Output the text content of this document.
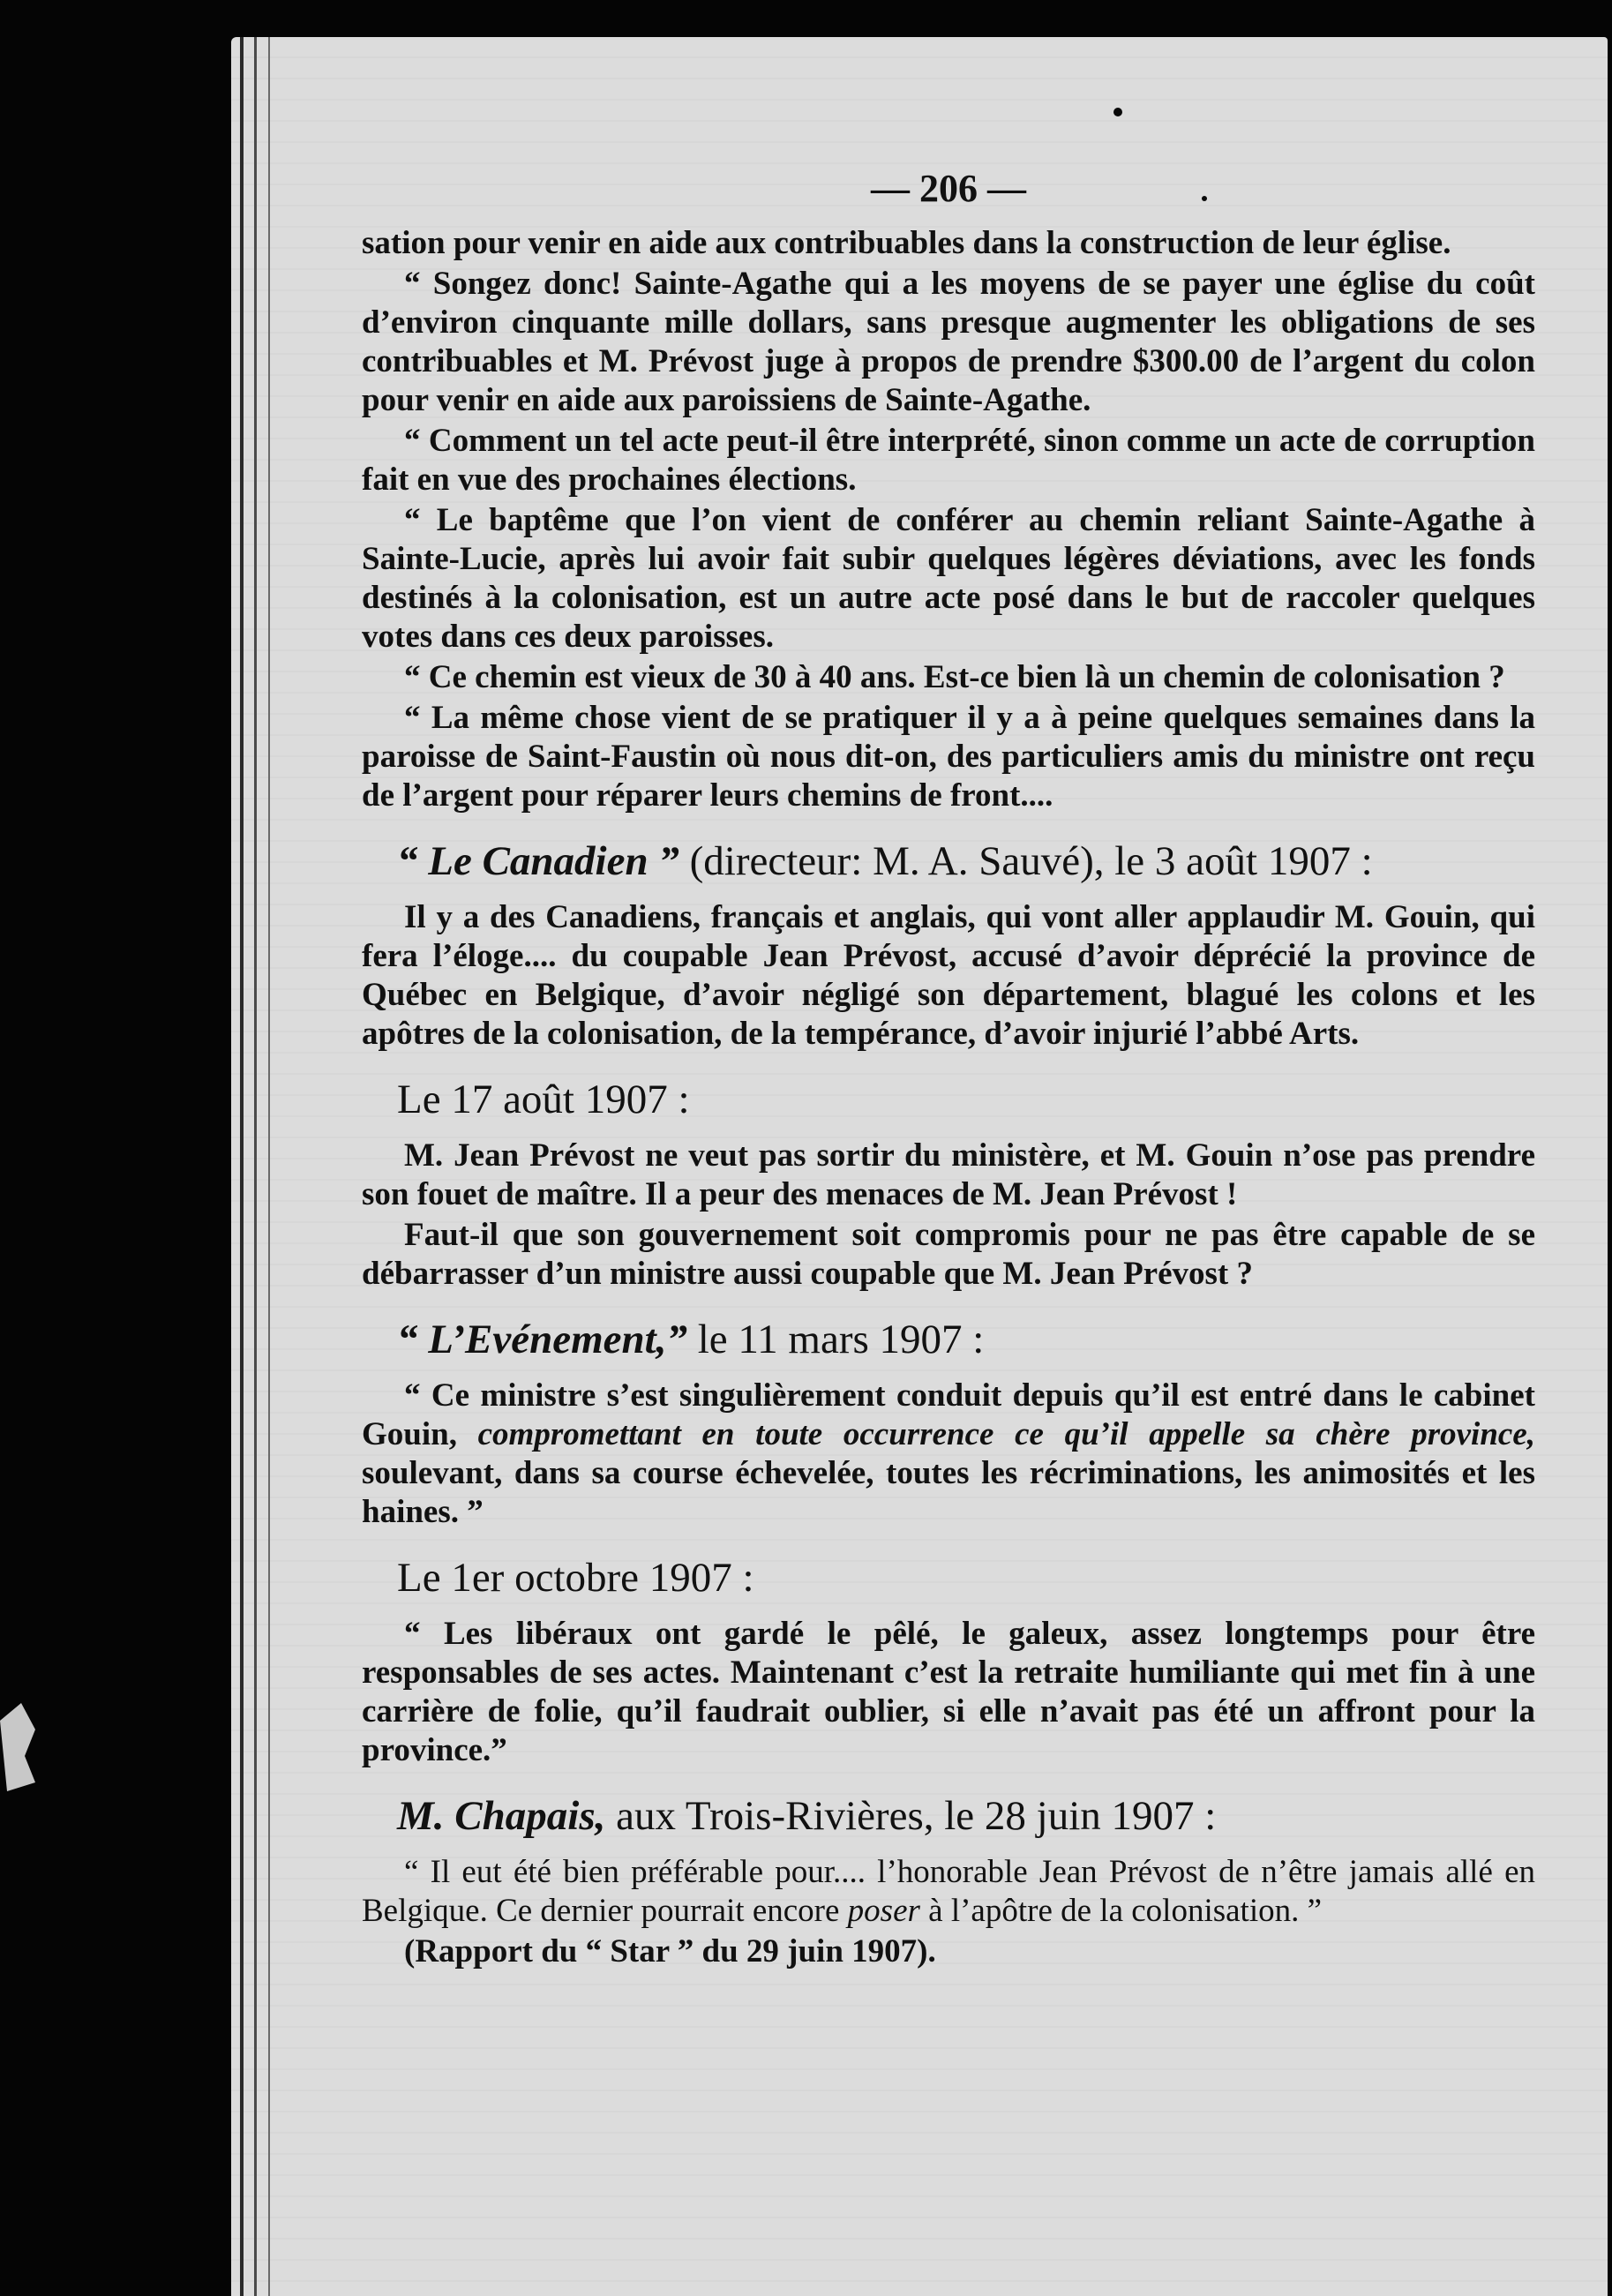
— 206 —

sation pour venir en aide aux contribuables dans la construction de leur église.

“ Songez donc! Sainte-Agathe qui a les moyens de se payer une église du coût d’environ cinquante mille dollars, sans presque augmenter les obligations de ses contribuables et M. Prévost juge à propos de prendre $300.00 de l’argent du colon pour venir en aide aux paroissiens de Sainte-Agathe.

“ Comment un tel acte peut-il être interprété, sinon comme un acte de corruption fait en vue des prochaines élections.

“ Le baptême que l’on vient de conférer au chemin reliant Sainte-Agathe à Sainte-Lucie, après lui avoir fait subir quelques légères déviations, avec les fonds destinés à la colonisation, est un autre acte posé dans le but de raccoler quelques votes dans ces deux paroisses.

“ Ce chemin est vieux de 30 à 40 ans. Est-ce bien là un chemin de colonisation ?

“ La même chose vient de se pratiquer il y a à peine quelques semaines dans la paroisse de Saint-Faustin où nous dit-on, des particuliers amis du ministre ont reçu de l’argent pour réparer leurs chemins de front....

“ Le Canadien ” (directeur: M. A. Sauvé), le 3 août 1907 :

Il y a des Canadiens, français et anglais, qui vont aller applaudir M. Gouin, qui fera l’éloge.... du coupable Jean Prévost, accusé d’avoir déprécié la province de Québec en Belgique, d’avoir négligé son département, blagué les colons et les apôtres de la colonisation, de la tempérance, d’avoir injurié l’abbé Arts.

Le 17 août 1907 :

M. Jean Prévost ne veut pas sortir du ministère, et M. Gouin n’ose pas prendre son fouet de maître. Il a peur des menaces de M. Jean Prévost !

Faut-il que son gouvernement soit compromis pour ne pas être capable de se débarrasser d’un ministre aussi coupable que M. Jean Prévost ?

“ L’Evénement,” le 11 mars 1907 :

“ Ce ministre s’est singulièrement conduit depuis qu’il est entré dans le cabinet Gouin, compromettant en toute occurrence ce qu’il appelle sa chère province, soulevant, dans sa course échevelée, toutes les récriminations, les animosités et les haines. ”

Le 1er octobre 1907 :

“ Les libéraux ont gardé le pêlé, le galeux, assez longtemps pour être responsables de ses actes. Maintenant c’est la retraite humiliante qui met fin à une carrière de folie, qu’il faudrait oublier, si elle n’avait pas été un affront pour la province.”

M. Chapais, aux Trois-Rivières, le 28 juin 1907 :

“ Il eut été bien préférable pour.... l’honorable Jean Prévost de n’être jamais allé en Belgique. Ce dernier pourrait encore poser à l’apôtre de la colonisation. ”

(Rapport du “ Star ” du 29 juin 1907).
